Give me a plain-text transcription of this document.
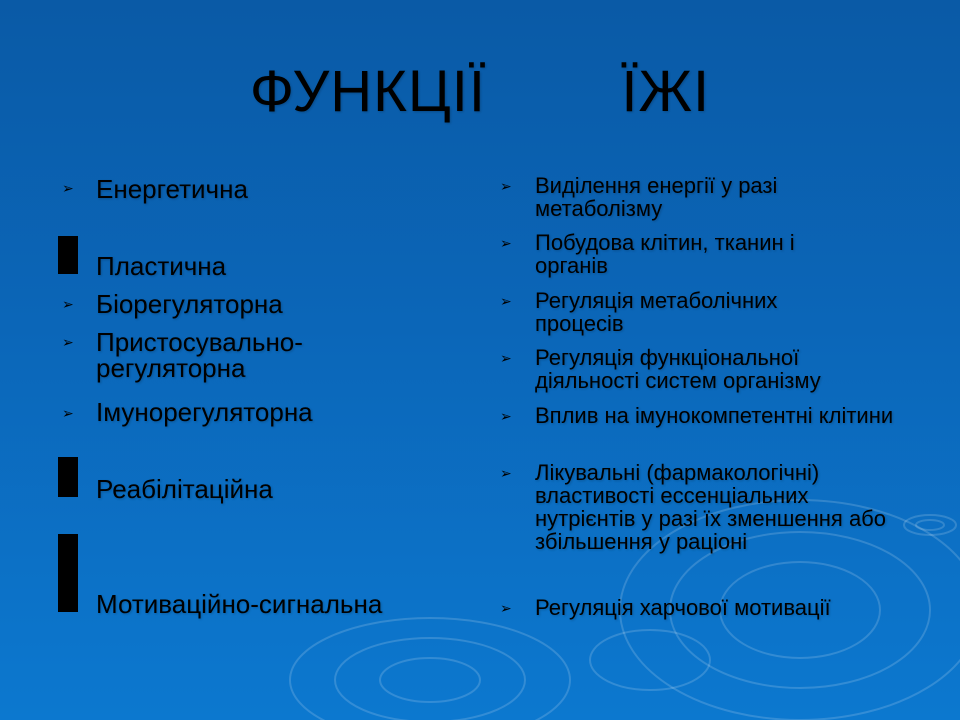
ФУНКЦІЇ   ЇЖІ
➢ Енергетична
Пластична
➢ Біорегуляторна
➢ Пристосувально-регуляторна
➢ Імунорегуляторна
Реабілітаційна
Мотиваційно-сигнальна
➢ Виділення енергії у разі метаболізму
➢ Побудова клітин, тканин і органів
➢ Регуляція метаболічних процесів
➢ Регуляція функціональної діяльності систем організму
➢ Вплив на імунокомпетентні клітини
➢ Лікувальні (фармакологічні) властивості ессенціальних нутрієнтів у разі їх зменшення або збільшення у раціоні
➢ Регуляція харчової мотивації
